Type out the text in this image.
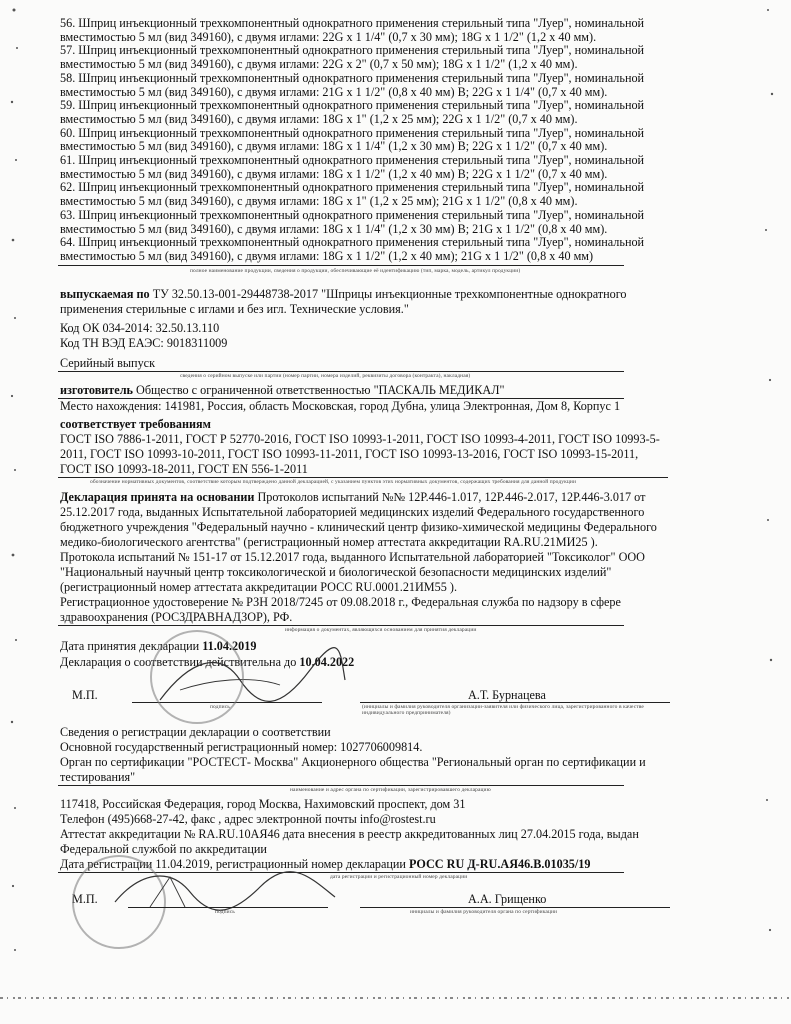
56. Шприц инъекционный трехкомпонентный однократного применения стерильный типа "Луер", номинальной
вместимостью 5 мл (вид 349160), с двумя иглами: 22G x 1 1/4" (0,7 x 30 мм); 18G x 1 1/2" (1,2 x 40 мм).
57. Шприц инъекционный трехкомпонентный однократного применения стерильный типа "Луер", номинальной
вместимостью 5 мл (вид 349160), с двумя иглами: 22G x 2" (0,7 x 50 мм); 18G x 1 1/2" (1,2 x 40 мм).
58. Шприц инъекционный трехкомпонентный однократного применения стерильный типа "Луер", номинальной
вместимостью 5 мл (вид 349160), с двумя иглами: 21G x 1 1/2" (0,8 x 40 мм) В; 22G x 1 1/4" (0,7 x 40 мм).
59. Шприц инъекционный трехкомпонентный однократного применения стерильный типа "Луер", номинальной
вместимостью 5 мл (вид 349160), с двумя иглами: 18G x 1" (1,2 x 25 мм); 22G x 1 1/2" (0,7 x 40 мм).
60. Шприц инъекционный трехкомпонентный однократного применения стерильный типа "Луер", номинальной
вместимостью 5 мл (вид 349160), с двумя иглами: 18G x 1 1/4" (1,2 x 30 мм) В; 22G x 1 1/2" (0,7 x 40 мм).
61. Шприц инъекционный трехкомпонентный однократного применения стерильный типа "Луер", номинальной
вместимостью 5 мл (вид 349160), с двумя иглами: 18G x 1 1/2" (1,2 x 40 мм) В; 22G x 1 1/2" (0,7 x 40 мм).
62. Шприц инъекционный трехкомпонентный однократного применения стерильный типа "Луер", номинальной
вместимостью 5 мл (вид 349160), с двумя иглами: 18G x 1" (1,2 x 25 мм); 21G x 1 1/2" (0,8 x 40 мм).
63. Шприц инъекционный трехкомпонентный однократного применения стерильный типа "Луер", номинальной
вместимостью 5 мл (вид 349160), с двумя иглами: 18G x 1 1/4" (1,2 x 30 мм) В; 21G x 1 1/2" (0,8 x 40 мм).
64. Шприц инъекционный трехкомпонентный однократного применения стерильный типа "Луер", номинальной
вместимостью 5 мл (вид 349160), с двумя иглами: 18G x 1 1/2" (1,2 x 40 мм); 21G x 1 1/2" (0,8 x 40 мм)
полное наименование продукции, сведения о продукции, обеспечивающие её идентификацию (тип, марка, модель, артикул продукции)
выпускаемая по ТУ 32.50.13-001-29448738-2017 "Шприцы инъекционные трехкомпонентные однократного
применения стерильные с иглами и без игл. Технические условия."
Код ОК 034-2014: 32.50.13.110
Код ТН ВЭД ЕАЭС: 9018311009
Серийный выпуск
сведения о серийном выпуске или партии (номер партии, номера изделий, реквизиты договора (контракта), накладная)
изготовитель Общество с ограниченной ответственностью "ПАСКАЛЬ МЕДИКАЛ"
Место нахождения: 141981, Россия, область Московская, город Дубна, улица Электронная, Дом 8, Корпус 1
соответствует требованиям
ГОСТ ISO 7886-1-2011, ГОСТ Р 52770-2016, ГОСТ ISO 10993-1-2011, ГОСТ ISO 10993-4-2011, ГОСТ ISO 10993-5-
2011, ГОСТ ISO 10993-10-2011, ГОСТ ISO 10993-11-2011, ГОСТ ISO 10993-13-2016, ГОСТ ISO 10993-15-2011,
ГОСТ ISO 10993-18-2011, ГОСТ EN 556-1-2011
обозначение нормативных документов, соответствие которым подтверждено данной декларацией, с указанием пунктов этих нормативных документов, содержащих требования для данной продукции
Декларация принята на основании Протоколов испытаний №№ 12Р.446-1.017, 12Р.446-2.017, 12Р.446-3.017 от
25.12.2017 года, выданных Испытательной лабораторией медицинских изделий Федерального государственного
бюджетного учреждения "Федеральный научно - клинический центр физико-химической медицины Федерального
медико-биологического агентства" (регистрационный номер аттестата аккредитации RA.RU.21МИ25 ).
Протокола испытаний № 151-17 от 15.12.2017 года, выданного Испытательной лабораторией "Токсиколог" ООО
"Национальный научный центр токсикологической и биологической безопасности медицинских изделий"
(регистрационный номер аттестата аккредитации РОСС RU.0001.21ИМ55 ).
Регистрационное удостоверение № РЗН 2018/7245 от 09.08.2018 г., Федеральная служба по надзору в сфере
здравоохранения (РОСЗДРАВНАДЗОР), РФ.
информация о документах, являющихся основанием для принятия декларации
Дата принятия декларации 11.04.2019
Декларация о соответствии действительна до 10.04.2022
М.П.
подпись
А.Т. Бурнацева
(инициалы и фамилия руководителя организации-заявителя или физического лица, зарегистрированного в качестве индивидуального предпринимателя)
Сведения о регистрации декларации о соответствии
Основной государственный регистрационный номер: 1027706009814.
Орган по сертификации "РОСТЕСТ- Москва" Акционерного общества "Региональный орган по сертификации и
тестирования"
наименование и адрес органа по сертификации, зарегистрировавшего декларацию
117418, Российская Федерация, город Москва, Нахимовский проспект, дом 31
Телефон (495)668-27-42, факс , адрес электронной почты info@rostest.ru
Аттестат аккредитации № RA.RU.10АЯ46 дата внесения в реестр аккредитованных лиц 27.04.2015 года, выдан
Федеральной службой по аккредитации
Дата регистрации 11.04.2019, регистрационный номер декларации РОСС RU Д-RU.АЯ46.В.01035/19
дата регистрации и регистрационный номер декларации
М.П.
подпись
А.А. Грищенко
инициалы и фамилия руководителя органа по сертификации
